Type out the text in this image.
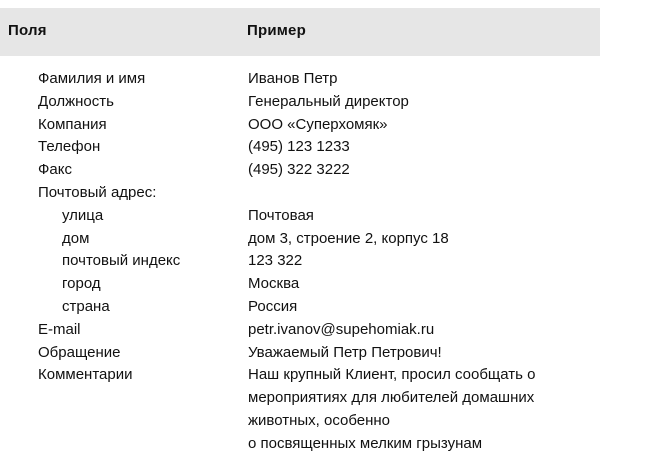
Поля	Пример
Фамилия и имя	Иванов Петр
Должность	Генеральный директор
Компания	ООО «Суперхомяк»
Телефон	(495) 123 1233
Факс	(495) 322 3222
Почтовый адрес:
улица	Почтовая
дом	дом 3, строение 2, корпус 18
почтовый индекс	123 322
город	Москва
страна	Россия
E-mail	petr.ivanov@supehomiak.ru
Обращение	Уважаемый Петр Петрович!
Комментарии	Наш крупный Клиент, просил сообщать о
мероприятиях для любителей домашних
животных, особенно
о посвященных мелким грызунам
